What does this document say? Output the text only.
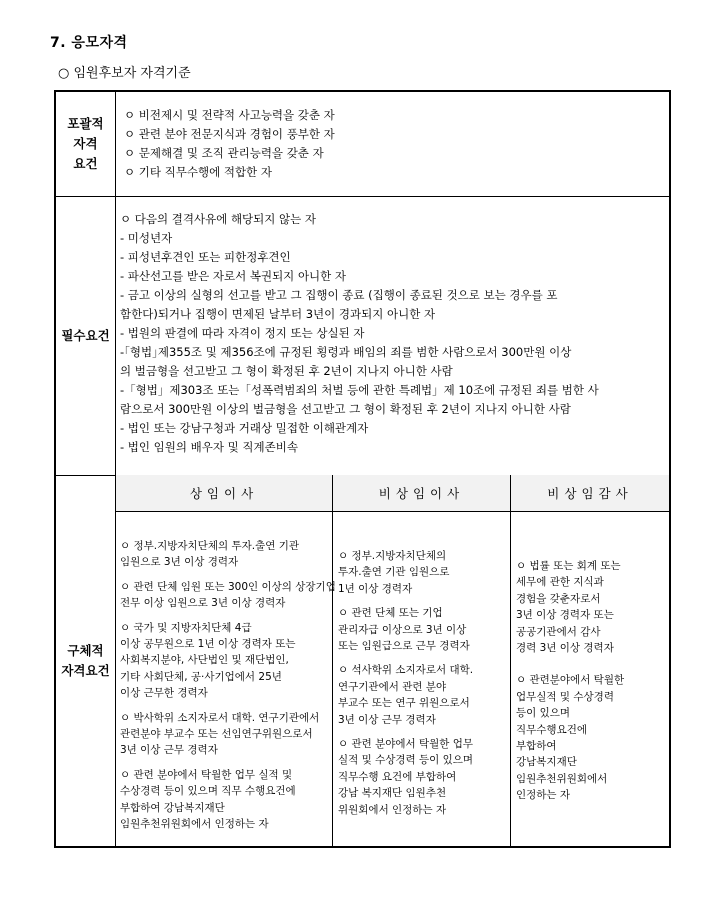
7. 응모자격
○ 임원후보자 자격기준
포괄적
자격
요건
ㅇ 비전제시 및 전략적 사고능력을 갖춘 자
ㅇ 관련 분야 전문지식과 경험이 풍부한 자
ㅇ 문제해결 및 조직 관리능력을 갖춘 자
ㅇ 기타 직무수행에 적합한 자
필수요건
ㅇ 다음의 결격사유에 해당되지 않는 자
- 미성년자
- 피성년후견인 또는 피한정후견인
- 파산선고를 받은 자로서 복권되지 아니한 자
- 금고 이상의 실형의 선고를 받고 그 집행이 종료 (집행이 종료된 것으로 보는 경우를 포
함한다)되거나 집행이 면제된 날부터 3년이 경과되지 아니한 자
- 법원의 판결에 따라 자격이 정지 또는 상실된 자
-｢형법｣제355조 및 제356조에 규정된 횡령과 배임의 죄를 범한 사람으로서 300만원 이상
의 벌금형을 선고받고 그 형이 확정된 후 2년이 지나지 아니한 사람
-「형법」제303조 또는「성폭력범죄의 처벌 등에 관한 특례법」제 10조에 규정된 죄를 범한 사
람으로서 300만원 이상의 벌금형을 선고받고 그 형이 확정된 후 2년이 지나지 아니한 사람
- 법인 또는 강남구청과 거래상 밀접한 이해관계자
- 법인 임원의 배우자 및 직계존비속
구체적
자격요건
상임이사	비상임이사	비상임감사
ㅇ 정부.지방자치단체의 투자.출연 기관
임원으로 3년 이상 경력자
ㅇ 관련 단체 임원 또는 300인 이상의 상장기업
전무 이상 임원으로 3년 이상 경력자
ㅇ 국가 및 지방자치단체 4급
이상 공무원으로 1년 이상 경력자 또는
사회복지분야, 사단법인 및 재단법인,
기타 사회단체, 공·사기업에서 25년
이상 근무한 경력자
ㅇ 박사학위 소지자로서 대학. 연구기관에서
관련분야 부교수 또는 선임연구위원으로서
3년 이상 근무 경력자
ㅇ 관련 분야에서 탁월한 업무 실적 및
수상경력 등이 있으며 직무 수행요건에
부합하여 강남복지재단
임원추천위원회에서 인정하는 자
ㅇ 정부.지방자치단체의
투자.출연 기관 임원으로
1년 이상 경력자
ㅇ 관련 단체 또는 기업
관리자급 이상으로 3년 이상
또는 임원급으로 근무 경력자
ㅇ 석사학위 소지자로서 대학.
연구기관에서 관련 분야
부교수 또는 연구 위원으로서
3년 이상 근무 경력자
ㅇ 관련 분야에서 탁월한 업무
실적 및 수상경력 등이 있으며
직무수행 요건에 부합하여
강남 복지재단 임원추천
위원회에서 인정하는 자
ㅇ 법률 또는 회계 또는
세무에 관한 지식과
경험을 갖춘자로서
3년 이상 경력자 또는
공공기관에서 감사
경력 3년 이상 경력자
ㅇ 관련분야에서 탁월한
업무실적 및 수상경력
등이 있으며
직무수행요건에
부합하여
강남복지재단
임원추천위원회에서
인정하는 자
